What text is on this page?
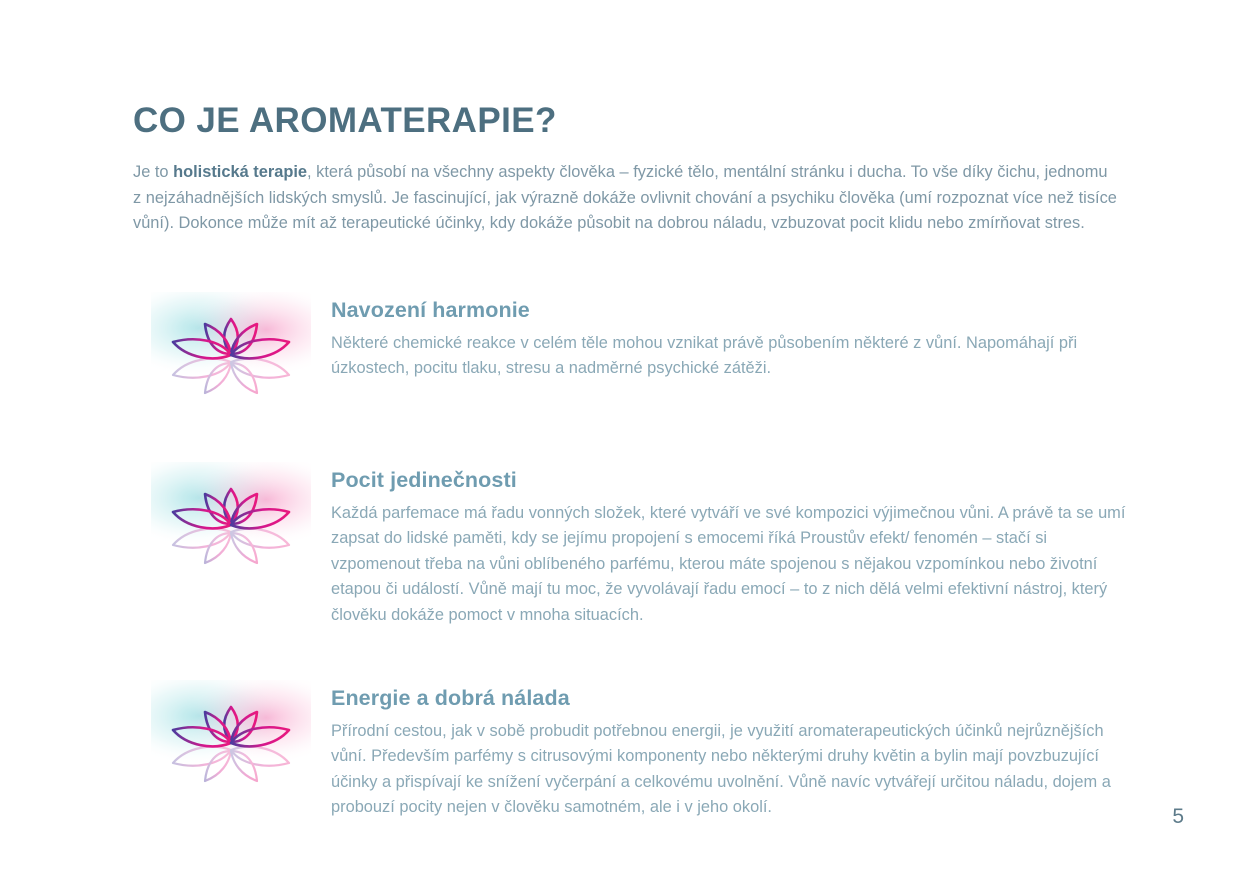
CO JE AROMATERAPIE?

Je to holistická terapie, která působí na všechny aspekty člověka – fyzické tělo, mentální stránku i ducha. To vše díky čichu, jednomu z nejzáhadnějších lidských smyslů. Je fascinující, jak výrazně dokáže ovlivnit chování a psychiku člověka (umí rozpoznat více než tisíce vůní). Dokonce může mít až terapeutické účinky, kdy dokáže působit na dobrou náladu, vzbuzovat pocit klidu nebo zmírňovat stres.

Navození harmonie
Některé chemické reakce v celém těle mohou vznikat právě působením některé z vůní. Napomáhají při úzkostech, pocitu tlaku, stresu a nadměrné psychické zátěži.
Pocit jedinečnosti
Každá parfemace má řadu vonných složek, které vytváří ve své kompozici výjimečnou vůni. A právě ta se umí zapsat do lidské paměti, kdy se jejímu propojení s emocemi říká Proustův efekt/ fenomén – stačí si vzpomenout třeba na vůni oblíbeného parfému, kterou máte spojenou s nějakou vzpomínkou nebo životní etapou či událostí. Vůně mají tu moc, že vyvolávají řadu emocí – to z nich dělá velmi efektivní nástroj, který člověku dokáže pomoct v mnoha situacích.
Energie a dobrá nálada
Přírodní cestou, jak v sobě probudit potřebnou energii, je využití aromaterapeutických účinků nejrůznějších vůní. Především parfémy s citrusovými komponenty nebo některými druhy květin a bylin mají povzbuzující účinky a přispívají ke snížení vyčerpání a celkovému uvolnění. Vůně navíc vytvářejí určitou náladu, dojem a probouzí pocity nejen v člověku samotném, ale i v jeho okolí.	5
